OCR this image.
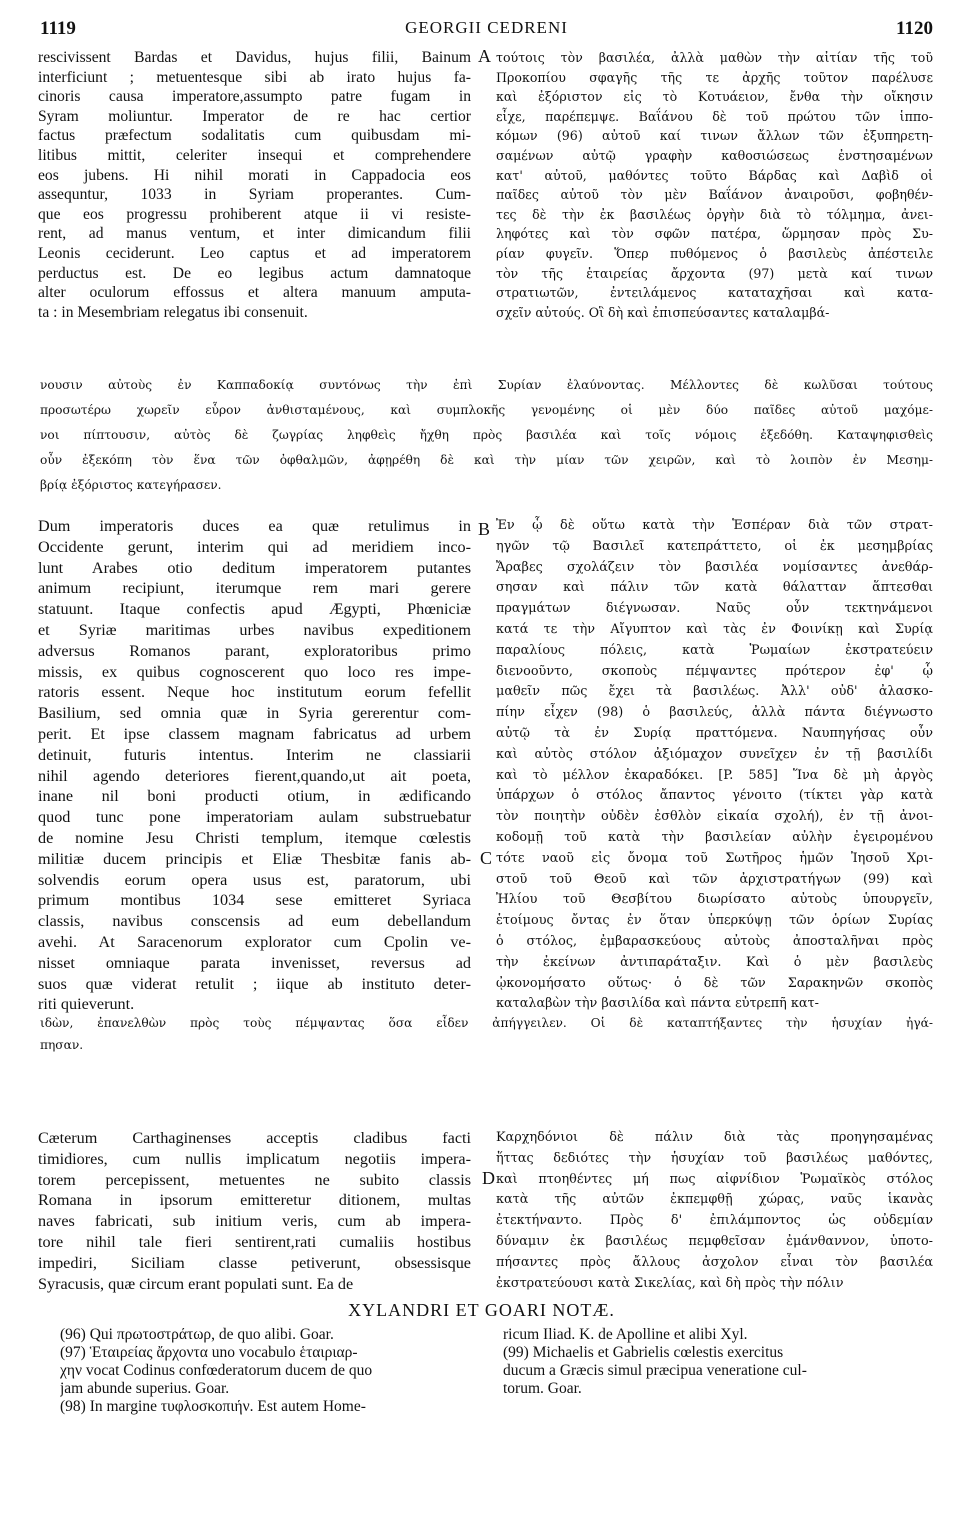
1119	GEORGII CEDRENI	1120
rescivissent Bardas et Davidus, hujus filii, Bainum
interficiunt ; metuentesque sibi ab irato hujus fa-
cinoris causa imperatore,assumpto patre fugam in
Syram moliuntur. Imperator de re hac certior
factus præfectum sodalitatis cum quibusdam mi-
litibus mittit, celeriter insequi et comprehendere
eos jubens. Hi nihil morati in Cappadocia eos
assequntur, 1033 in Syriam properantes. Cum-
que eos progressu prohiberent atque ii vi resiste-
rent, ad manus ventum, et inter dimicandum filii
Leonis ceciderunt. Leo captus et ad imperatorem
perductus est. De eo legibus actum damnatoque
alter oculorum effossus et altera manuum amputa-
ta : in Mesembriam relegatus ibi consenuit.
τούτοις τὸν βασιλέα, ἀλλὰ μαθὼν τὴν αἰτίαν τῆς τοῦ
Προκοπίου σφαγῆς τῆς τε ἀρχῆς τοῦτον παρέλυσε
καὶ ἐξόριστον εἰς τὸ Κοτυάειον, ἔνθα τὴν οἴκησιν
εἶχε, παρέπεμψε. Βαΐάνου δὲ τοῦ πρώτου τῶν ἱππο-
κόμων (96) αὐτοῦ καί τινων ἄλλων τῶν ἐξυπηρετη-
σαμένων αὐτῷ γραφὴν καθοσιώσεως ἐνστησαμένων
κατ' αὐτοῦ, μαθόντες τοῦτο Βάρδας καὶ Δαβὶδ οἱ
παῖδες αὐτοῦ τὸν μὲν Βαΐάνον ἀναιροῦσι, φοβηθέν-
τες δὲ τὴν ἐκ βασιλέως ὀργὴν διὰ τὸ τόλμημα, ἀνει-
ληφότες καὶ τὸν σφῶν πατέρα, ὥρμησαν πρὸς Συ-
ρίαν φυγεῖν. Ὅπερ πυθόμενος ὁ βασιλεὺς ἀπέστειλε
τὸν τῆς ἑταιρείας ἄρχοντα (97) μετὰ καί τινων
στρατιωτῶν, ἐντειλάμενος καταταχῆσαι καὶ κατα-
σχεῖν αὐτούς. Οἳ δὴ καὶ ἐπισπεύσαντες καταλαμβά-
A
νουσιν αὐτοὺς ἐν Καππαδοκίᾳ συντόνως τὴν ἐπὶ Συρίαν ἐλαύνοντας. Μέλλοντες δὲ κωλῦσαι τούτους
προσωτέρω χωρεῖν εὗρον ἀνθισταμένους, καὶ συμπλοκῆς γενομένης οἱ μὲν δύο παῖδες αὐτοῦ μαχόμε-
νοι πίπτουσιν, αὐτὸς δὲ ζωγρίας ληφθεὶς ἤχθη πρὸς βασιλέα καὶ τοῖς νόμοις ἐξεδόθη. Καταψηφισθεὶς
οὖν ἐξεκόπη τὸν ἕνα τῶν ὀφθαλμῶν, ἀφῃρέθη δὲ καὶ τὴν μίαν τῶν χειρῶν, καὶ τὸ λοιπὸν ἐν Μεσημ-
βρίᾳ ἐξόριστος κατεγήρασεν.
Dum imperatoris duces ea quæ retulimus in
Occidente gerunt, interim qui ad meridiem inco-
lunt Arabes otio deditum imperatorem putantes
animum recipiunt, iterumque rem mari gerere
statuunt. Itaque confectis apud Ægypti, Phœniciæ
et Syriæ maritimas urbes navibus expeditionem
adversus Romanos parant, exploratoribus primo
missis, ex quibus cognoscerent quo loco res impe-
ratoris essent. Neque hoc institutum eorum fefellit
Basilium, sed omnia quæ in Syria gererentur com-
perit. Et ipse classem magnam fabricatus ad urbem
detinuit, futuris intentus. Interim ne classiarii
nihil agendo deteriores fierent,quando,ut ait poeta,
inane nil boni producti otium, in ædificando
quod tunc pone imperatoriam aulam substruebatur
de nomine Jesu Christi templum, itemque cœlestis
militiæ ducem principis et Eliæ Thesbitæ fanis ab-
solvendis eorum opera usus est, paratorum, ubi
primum montibus 1034 sese emitteret Syriaca
classis, navibus conscensis ad eum debellandum
avehi. At Saracenorum explorator cum Cpolin ve-
nisset omniaque parata invenisset, reversus ad
suos quæ viderat retulit ; iique ab instituto deter-
riti quieverunt.
Ἐν ᾧ δὲ οὕτω κατὰ τὴν Ἑσπέραν διὰ τῶν στρατ-
ηγῶν τῷ Βασιλεῖ κατεπράττετο, οἱ ἐκ μεσημβρίας
Ἄραβες σχολάζειν τὸν βασιλέα νομίσαντες ἀνεθάρ-
σησαν καὶ πάλιν τῶν κατὰ θάλατταν ἅπτεσθαι
πραγμάτων διέγνωσαν. Ναῦς οὖν τεκτηνάμενοι
κατά τε τὴν Αἴγυπτον καὶ τὰς ἐν Φοινίκῃ καὶ Συρίᾳ
παραλίους πόλεις, κατὰ Ῥωμαίων ἐκστρατεύειν
διενοοῦντο, σκοποὺς πέμψαντες πρότερον ἐφ' ᾧ
μαθεῖν πῶς ἔχει τὰ βασιλέως. Ἀλλ' οὐδ' ἀλασκο-
πίην εἶχεν (98) ὁ βασιλεύς, ἀλλὰ πάντα διέγνωστο
αὐτῷ τὰ ἐν Συρίᾳ πραττόμενα. Ναυπηγήσας οὖν
καὶ αὐτὸς στόλον ἀξιόμαχον συνεῖχεν ἐν τῇ βασιλίδι
καὶ τὸ μέλλον ἐκαραδόκει. [P. 585] Ἵνα δὲ μὴ ἀργὸς
ὑπάρχων ὁ στόλος ἄπαντος γένοιτο (τίκτει γὰρ κατὰ
τὸν ποιητὴν οὐδὲν ἐσθλὸν εἰκαία σχολή), ἐν τῇ ἀνοι-
κοδομῇ τοῦ κατὰ τὴν βασιλείαν αὐλὴν ἐγειρομένου
τότε ναοῦ εἰς ὄνομα τοῦ Σωτῆρος ἡμῶν Ἰησοῦ Χρι-
στοῦ τοῦ Θεοῦ καὶ τῶν ἀρχιστρατήγων (99) καὶ
Ἠλίου τοῦ Θεσβίτου διωρίσατο αὐτοὺς ὑπουργεῖν,
ἑτοίμους ὄντας ἐν ὅταν ὑπερκύψῃ τῶν ὁρίων Συρίας
ὁ στόλος, ἐμβαρασκεύους αὐτοὺς ἀποσταλῆναι πρὸς
τὴν ἐκείνων ἀντιπαράταξιν. Καὶ ὁ μὲν βασιλεὺς
ᾠκονομήσατο οὕτως· ὁ δὲ τῶν Σαρακηνῶν σκοπὸς
καταλαβὼν τὴν βασιλίδα καὶ πάντα εὐτρεπῆ κατ-
B
C
ιδὼν, ἐπανελθὼν πρὸς τοὺς πέμψαντας ὅσα εἶδεν ἀπήγγειλεν. Οἱ δὲ καταπτήξαντες τὴν ἡσυχίαν ἠγά-
πησαν.
Cæterum Carthaginenses acceptis cladibus facti
timidiores, cum nullis implicatum negotiis impera-
torem percepissent, metuentes ne subito classis
Romana in ipsorum emitteretur ditionem, multas
naves fabricati, sub initium veris, cum ab impera-
tore nihil tale fieri sentirent,rati cumaliis hostibus
impediri, Siciliam classe petiverunt, obsessisque
Syracusis, quæ circum erant populati sunt. Ea de
Καρχηδόνιοι δὲ πάλιν διὰ τὰς προηγησαμένας
ἥττας δεδιότες τὴν ἡσυχίαν τοῦ βασιλέως μαθόντες,
καὶ πτοηθέντες μή πως αἰφνίδιον Ῥωμαϊκὸς στόλος
κατὰ τῆς αὐτῶν ἐκπεμφθῇ χώρας, ναῦς ἱκανὰς
ἐτεκτήναντο. Πρὸς δ' ἐπιλάμποντος ὡς οὐδεμίαν
δύναμιν ἐκ βασιλέως πεμφθεῖσαν ἐμάνθαννον, ὑποτο-
πήσαντες πρὸς ἄλλους ἀσχολον εἶναι τὸν βασιλέα
ἐκστρατεύουσι κατὰ Σικελίας, καὶ δὴ πρὸς τὴν πόλιν
D
XYLANDRI ET GOARI NOTÆ.
(96) Qui πρωτοστράτωρ, de quo alibi. Goar.
(97) Ἑταιρείας ἄρχοντα uno vocabulo ἑταιριαρ-
χην vocat Codinus confœderatorum ducem de quo
jam abunde superius. Goar.
(98) In margine τυφλοσκοπιήν. Est autem Home-
ricum Iliad. K. de Apolline et alibi Xyl.
(99) Michaelis et Gabrielis cœlestis exercitus
ducum a Græcis simul præcipua veneratione cul-
torum. Goar.
